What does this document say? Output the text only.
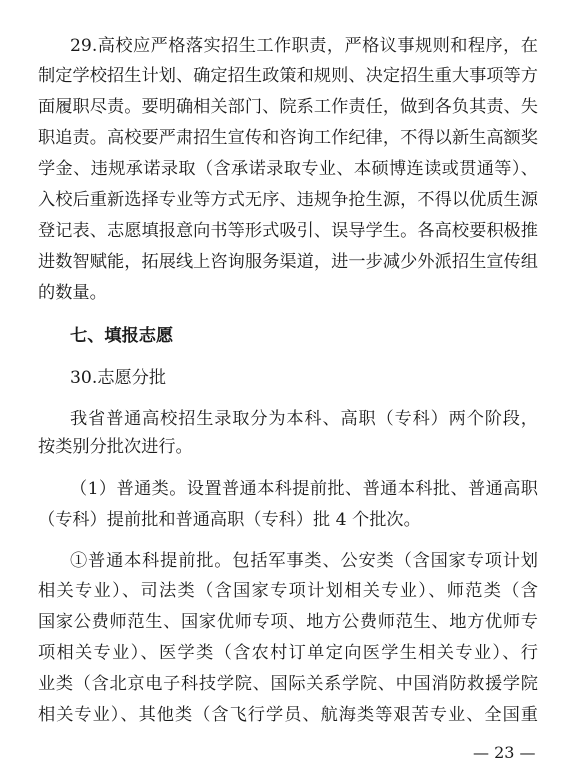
29.高校应严格落实招生工作职责，严格议事规则和程序，在
制定学校招生计划、确定招生政策和规则、决定招生重大事项等方
面履职尽责。要明确相关部门、院系工作责任，做到各负其责、失
职追责。高校要严肃招生宣传和咨询工作纪律，不得以新生高额奖
学金、违规承诺录取（含承诺录取专业、本硕博连读或贯通等）、
入校后重新选择专业等方式无序、违规争抢生源，不得以优质生源
登记表、志愿填报意向书等形式吸引、误导学生。各高校要积极推
进数智赋能，拓展线上咨询服务渠道，进一步减少外派招生宣传组
的数量。
七、填报志愿
30.志愿分批
我省普通高校招生录取分为本科、高职（专科）两个阶段，
按类别分批次进行。
（1）普通类。设置普通本科提前批、普通本科批、普通高职
（专科）提前批和普通高职（专科）批 4 个批次。
①普通本科提前批。包括军事类、公安类（含国家专项计划
相关专业）、司法类（含国家专项计划相关专业）、师范类（含
国家公费师范生、国家优师专项、地方公费师范生、地方优师专
项相关专业）、医学类（含农村订单定向医学生相关专业）、行
业类（含北京电子科技学院、国际关系学院、中国消防救援学院
相关专业）、其他类（含飞行学员、航海类等艰苦专业、全国重
— 23 —
